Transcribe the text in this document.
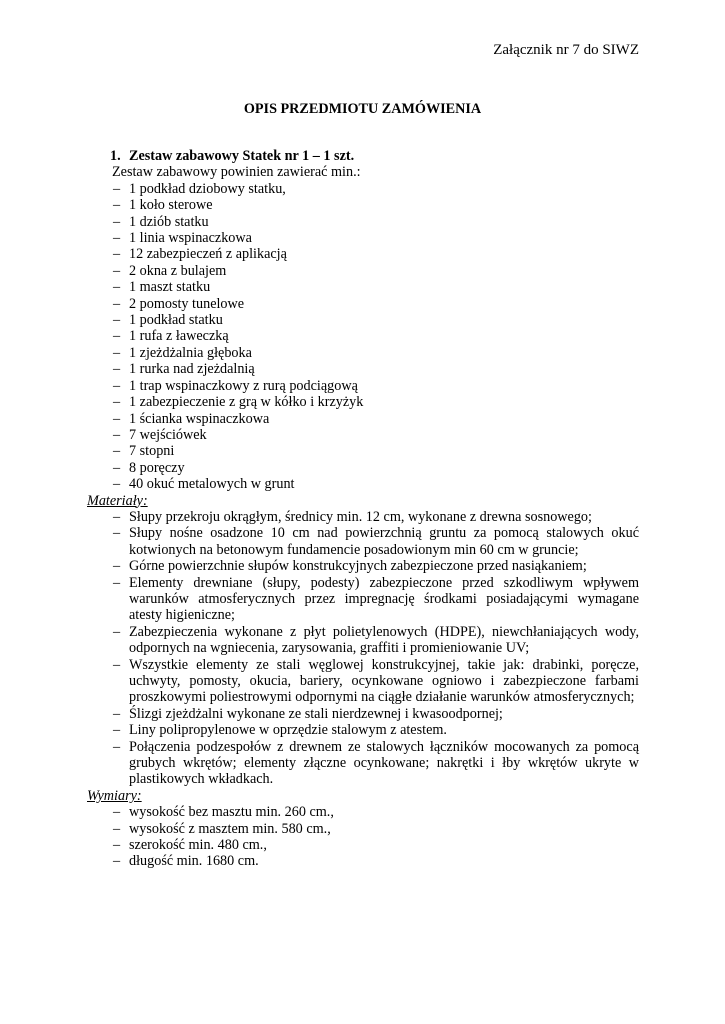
Załącznik nr 7 do SIWZ
OPIS PRZEDMIOTU ZAMÓWIENIA
1. Zestaw zabawowy Statek nr 1 – 1 szt.
Zestaw zabawowy powinien zawierać min.:
– 1 podkład dziobowy statku,
– 1 koło sterowe
– 1 dziób statku
– 1 linia wspinaczkowa
– 12 zabezpieczeń z aplikacją
– 2 okna z bulajem
– 1 maszt statku
– 2 pomosty tunelowe
– 1 podkład statku
– 1 rufa z ławeczką
– 1 zjeżdżalnia głęboka
– 1 rurka nad zjeżdalnią
– 1 trap wspinaczkowy z rurą podciągową
– 1 zabezpieczenie z grą w kółko i krzyżyk
– 1 ścianka wspinaczkowa
– 7 wejściówek
– 7 stopni
– 8 poręczy
– 40 okuć metalowych w grunt
Materiały:
– Słupy przekroju okrągłym, średnicy min. 12 cm, wykonane z drewna sosnowego;
– Słupy nośne osadzone 10 cm nad powierzchnią gruntu za pomocą stalowych okuć kotwionych na betonowym fundamencie posadowionym min 60 cm w gruncie;
– Górne powierzchnie słupów konstrukcyjnych zabezpieczone przed nasiąkaniem;
– Elementy drewniane (słupy, podesty) zabezpieczone przed szkodliwym wpływem warunków atmosferycznych przez impregnację środkami posiadającymi wymagane atesty higieniczne;
– Zabezpieczenia wykonane z płyt polietylenowych (HDPE), niewchłaniających wody, odpornych na wgniecenia, zarysowania, graffiti i promieniowanie UV;
– Wszystkie elementy ze stali węglowej konstrukcyjnej, takie jak: drabinki, poręcze, uchwyty, pomosty, okucia, bariery, ocynkowane ogniowo i zabezpieczone farbami proszkowymi poliestrowymi odpornymi na ciągłe działanie warunków atmosferycznych;
– Ślizgi zjeżdżalni wykonane ze stali nierdzewnej i kwasoodpornej;
– Liny polipropylenowe w oprzędzie stalowym z atestem.
– Połączenia podzespołów z drewnem ze stalowych łączników mocowanych za pomocą grubych wkrętów; elementy złączne ocynkowane; nakrętki i łby wkrętów ukryte w plastikowych wkładkach.
Wymiary:
– wysokość bez masztu min. 260 cm.,
– wysokość z masztem min. 580 cm.,
– szerokość min. 480 cm.,
– długość min. 1680 cm.
